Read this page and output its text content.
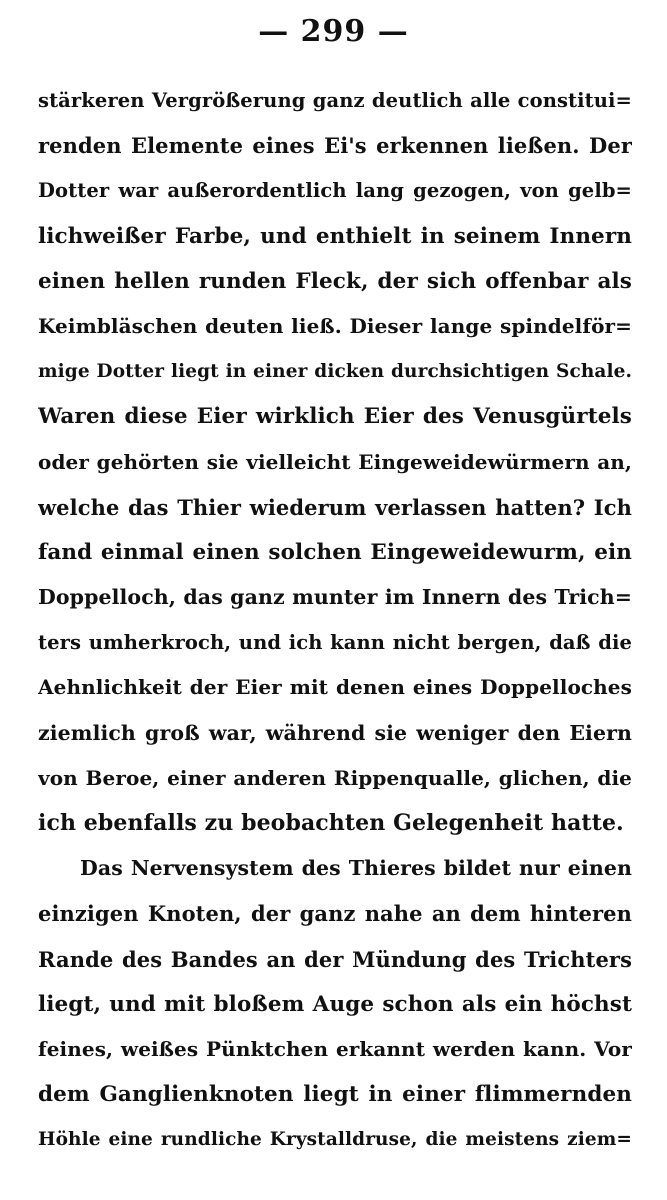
— 299 —
stärkeren Vergrößerung ganz deutlich alle constitui=
renden Elemente eines Ei's erkennen ließen. Der
Dotter war außerordentlich lang gezogen, von gelb=
lichweißer Farbe, und enthielt in seinem Innern
einen hellen runden Fleck, der sich offenbar als
Keimbläschen deuten ließ. Dieser lange spindelför=
mige Dotter liegt in einer dicken durchsichtigen Schale.
Waren diese Eier wirklich Eier des Venusgürtels
oder gehörten sie vielleicht Eingeweidewürmern an,
welche das Thier wiederum verlassen hatten? Ich
fand einmal einen solchen Eingeweidewurm, ein
Doppelloch, das ganz munter im Innern des Trich=
ters umherkroch, und ich kann nicht bergen, daß die
Aehnlichkeit der Eier mit denen eines Doppelloches
ziemlich groß war, während sie weniger den Eiern
von Beroe, einer anderen Rippenqualle, glichen, die
ich ebenfalls zu beobachten Gelegenheit hatte.
Das Nervensystem des Thieres bildet nur einen
einzigen Knoten, der ganz nahe an dem hinteren
Rande des Bandes an der Mündung des Trichters
liegt, und mit bloßem Auge schon als ein höchst
feines, weißes Pünktchen erkannt werden kann. Vor
dem Ganglienknoten liegt in einer flimmernden
Höhle eine rundliche Krystalldruse, die meistens ziem=
